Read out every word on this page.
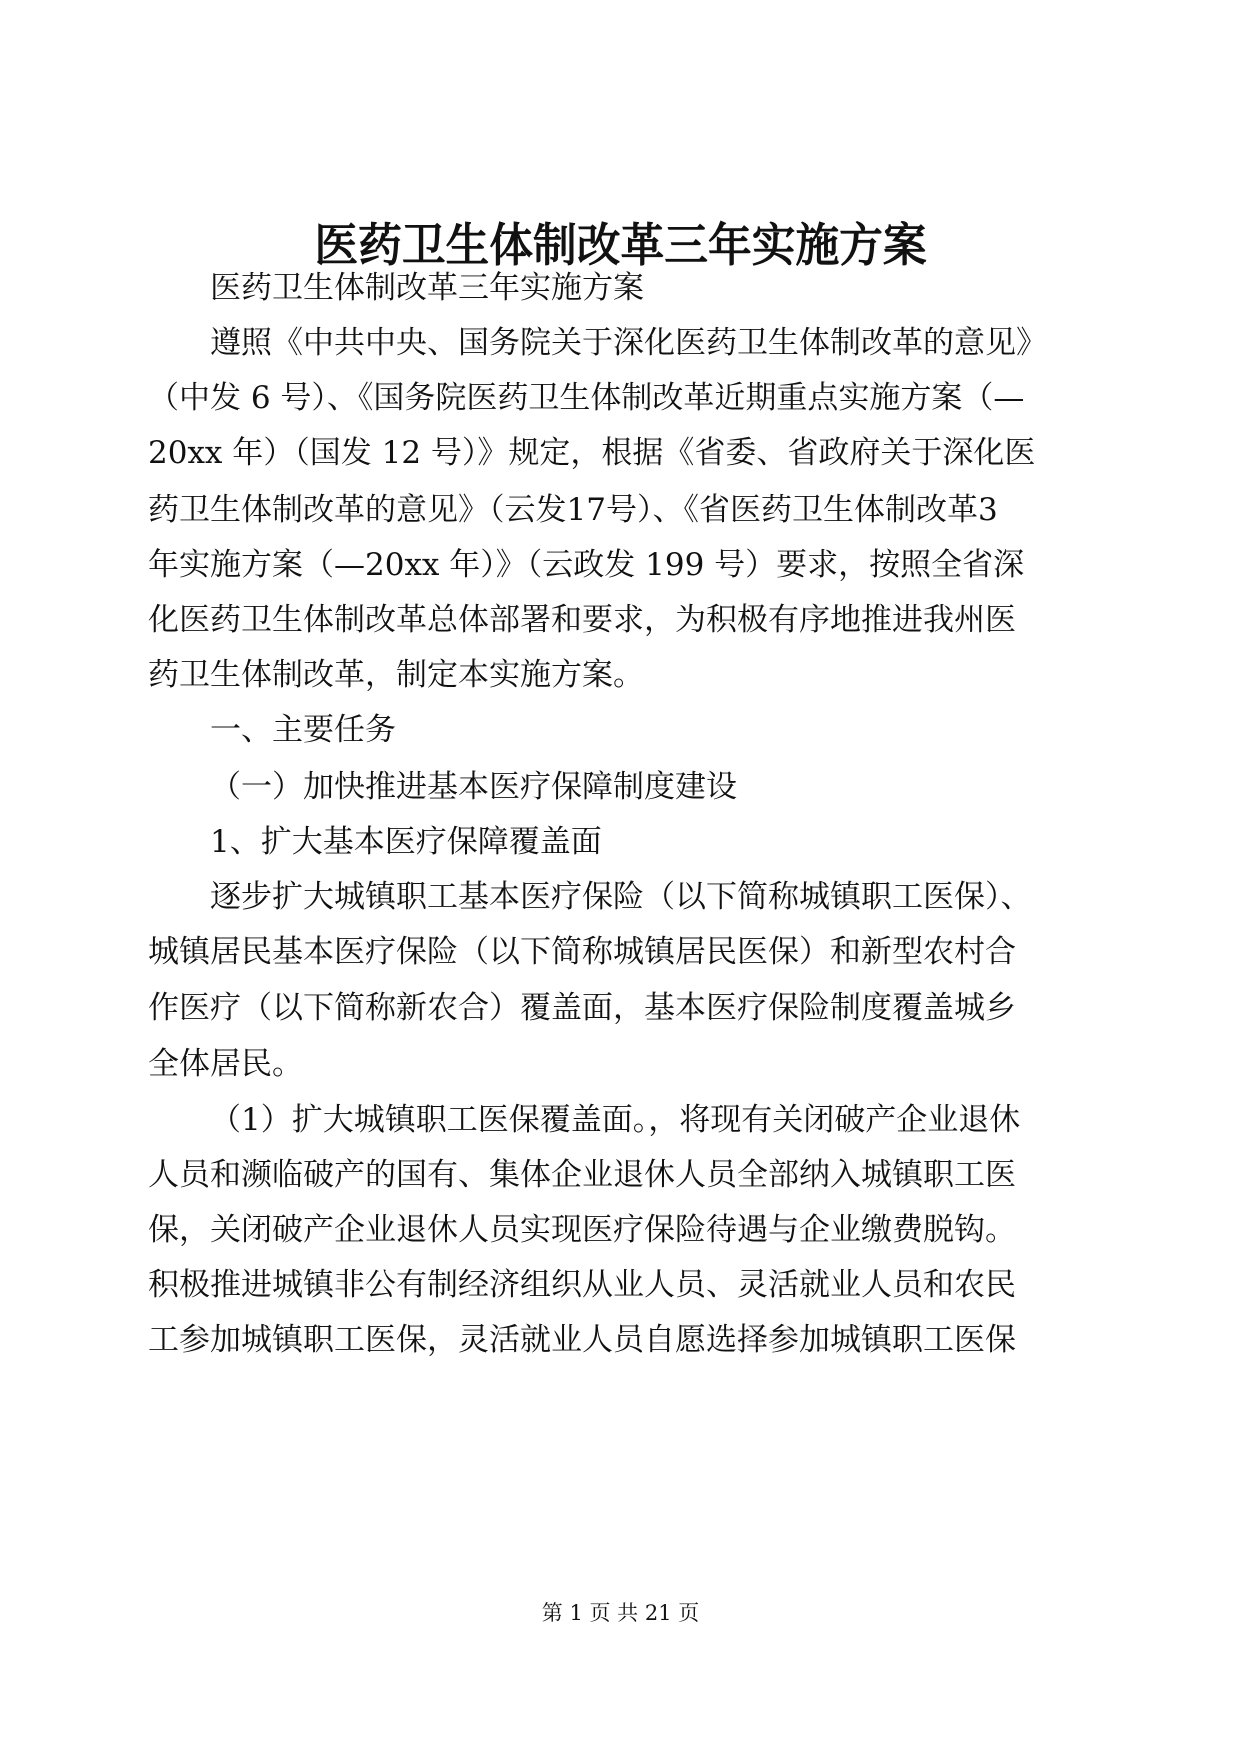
医药卫生体制改革三年实施方案
医药卫生体制改革三年实施方案
遵照《中共中央、国务院关于深化医药卫生体制改革的意见》
（中发 6 号）、《国务院医药卫生体制改革近期重点实施方案（—
20xx 年）（国发 12 号）》规定，根据《省委、省政府关于深化医
药卫生体制改革的意见》（云发17号）、《省医药卫生体制改革3
年实施方案（—20xx 年）》（云政发 199 号）要求，按照全省深
化医药卫生体制改革总体部署和要求，为积极有序地推进我州医
药卫生体制改革，制定本实施方案。
一、主要任务
（一）加快推进基本医疗保障制度建设
1、扩大基本医疗保障覆盖面
逐步扩大城镇职工基本医疗保险（以下简称城镇职工医保）、
城镇居民基本医疗保险（以下简称城镇居民医保）和新型农村合
作医疗（以下简称新农合）覆盖面，基本医疗保险制度覆盖城乡
全体居民。
（1）扩大城镇职工医保覆盖面。，将现有关闭破产企业退休
人员和濒临破产的国有、集体企业退休人员全部纳入城镇职工医
保，关闭破产企业退休人员实现医疗保险待遇与企业缴费脱钩。
积极推进城镇非公有制经济组织从业人员、灵活就业人员和农民
工参加城镇职工医保，灵活就业人员自愿选择参加城镇职工医保
第 1 页 共 21 页
